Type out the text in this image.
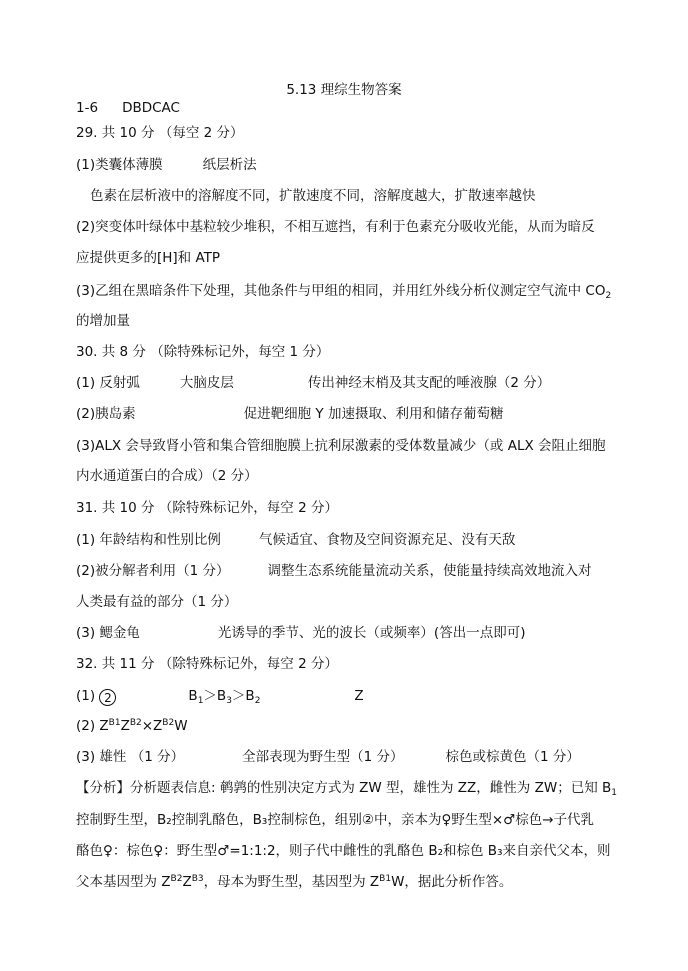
5.13 理综生物答案
1-6 DBDCAC
29. 共 10 分 （每空 2 分）
(1)类囊体薄膜	纸层析法
色素在层析液中的溶解度不同，扩散速度不同，溶解度越大，扩散速率越快
(2)突变体叶绿体中基粒较少堆积，不相互遮挡，有利于色素充分吸收光能，从而为暗反
应提供更多的[H]和 ATP
(3)乙组在黑暗条件下处理，其他条件与甲组的相同，并用红外线分析仪测定空气流中 $CO_2$
的增加量
30. 共 8 分 （除特殊标记外，每空 1 分）
(1) 反射弧	大脑皮层	传出神经末梢及其支配的唾液腺（2 分）
(2)胰岛素	促进靶细胞 Y 加速摄取、利用和储存葡萄糖
(3)ALX 会导致肾小管和集合管细胞膜上抗利尿激素的受体数量减少（或 ALX 会阻止细胞
内水通道蛋白的合成）（2 分）
31. 共 10 分 （除特殊标记外，每空 2 分）
(1) 年龄结构和性别比例	气候适宜、食物及空间资源充足、没有天敌
(2)被分解者利用（1 分）	调整生态系统能量流动关系，使能量持续高效地流入对
人类最有益的部分（1 分）
(3) 鳃金龟	光诱导的季节、光的波长（或频率）(答出一点即可)
32. 共 11 分 （除特殊标记外，每空 2 分）
(1) 2	$B_1>B_3>B_2$	Z
(2) $Z^{B1}Z^{B2}\times Z^{B2}W$
(3) 雄性 （1 分）	全部表现为野生型（1 分）	棕色或棕黄色（1 分）
【分析】分析题表信息: 鹌鹑的性别决定方式为 ZW 型，雄性为 ZZ，雌性为 ZW；已知 $B_1$
控制野生型，B₂控制乳酪色，B₃控制棕色，组别②中，亲本为♀野生型×♂棕色→子代乳
酪色♀：棕色♀：野生型♂=1:1:2，则子代中雌性的乳酪色 B₂和棕色 B₃来自亲代父本，则
父本基因型为 $Z^{B2}Z^{B3}$，母本为野生型，基因型为 $Z^{B1}W$，据此分析作答。
